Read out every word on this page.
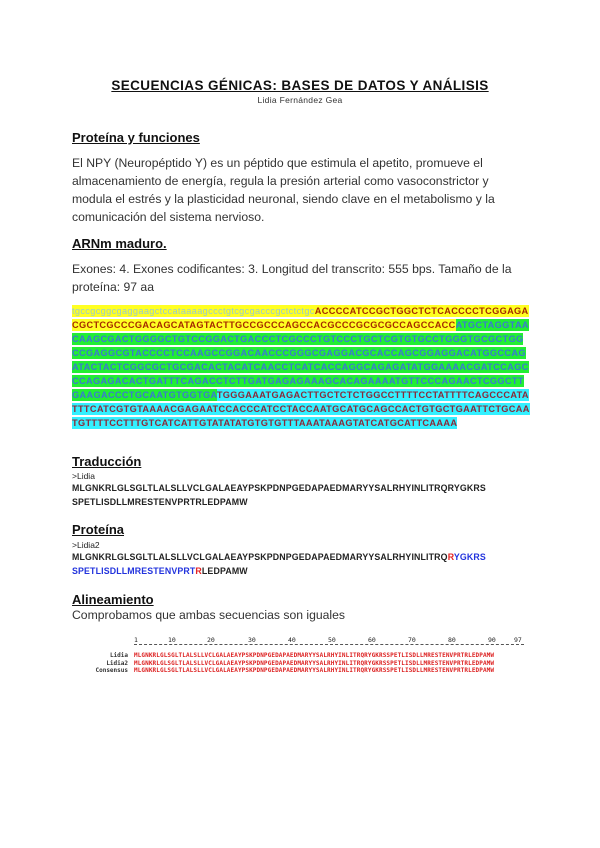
SECUENCIAS GÉNICAS: BASES DE DATOS Y ANÁLISIS
Lidia Fernández Gea
Proteína y funciones
El NPY (Neuropéptido Y) es un péptido que estimula el apetito, promueve el almacenamiento de energía, regula la presión arterial como vasoconstrictor y modula el estrés y la plasticidad neuronal, siendo clave en el metabolismo y la comunicación del sistema nervioso.
ARNm maduro.
Exones: 4. Exones codificantes: 3. Longitud del transcrito: 555 bps. Tamaño de la proteína: 97 aa
tgccgcggcgaggaagctccataaaagccctgtcgcgacccgctctctgcACCCCATCCGCTGGCTCTCACCCCTCGGAGACGCTCGCCCGACAGCATAGTACTTGCCGCCCAGCCACGCCCGCGCGCCAGCCACCATGCTAGGTAACAAGCGACTGGGGCTGTCCGGACTGACCCTCGCCCTGTCCCTGCTCGTGTGCCTGGGTGCGCTGGCCGAGGCGTACCCCTCCAAGCCGGACAACCCGGGCGAGGACGCACCAGCGGAGGACATGGCCAGATACTACTCGGCGCTGCGACACTACATCAACCTCATCACCAGGCAGAGATATGGAAAACGATCCAGCCCAGAGACACTGATTTCAGACCTCTTGATGAGAGAAAGCACAGAAAATGTTCCCAGAACTCGGCTTGAAGACCCTGCAATGTGGTGATGGGAAATGAGACTTGCTCTCTGGCCTTTTCCTATTTTCAGCCCATATTTCATCGTGTAAAACGAGAATCCACCCATCCTACCAATGCATGCAGCCACTGTGCTGAATTCTGCAATGTTTTCCTTTGTCATCATTGTATATATGTGTGTTTAAATAAAGTATCATGCATTCAAAA
Traducción
>Lidia
MLGNKRLGLSGLTLALSLLVCLGALAEAYPSKPDNPGEDAPAEDMARYYSALRHYINLITRQRYGKRS
SPETLISDLLMRESTENVPRTRLEDPAMW
Proteína
>Lidia2
MLGNKRLGLSGLTLALSLLVCLGALAEAYPSKPDNPGEDAPAEDMARYYSALRHYINLITRQRYGKRS
SPETLISDLLMRESTENVPRTRLEDPAMW
Alineamiento
Comprobamos que ambas secuencias son iguales
1	10	20	30	40	50	60	70	80	90	97
Lidia	MLGNKRLGLSGLTLALSLLVCLGALAEAYPSKPDNPGEDAPAEDMARYYSALRHYINLITRQRYGKRSSPETLISDLLMRESTENVPRTRLEDPAMW
Lidia2	MLGNKRLGLSGLTLALSLLVCLGALAEAYPSKPDNPGEDAPAEDMARYYSALRHYINLITRQRYGKRSSPETLISDLLMRESTENVPRTRLEDPAMW
Consensus	MLGNKRLGLSGLTLALSLLVCLGALAEAYPSKPDNPGEDAPAEDMARYYSALRHYINLITRQRYGKRSSPETLISDLLMRESTENVPRTRLEDPAMW
